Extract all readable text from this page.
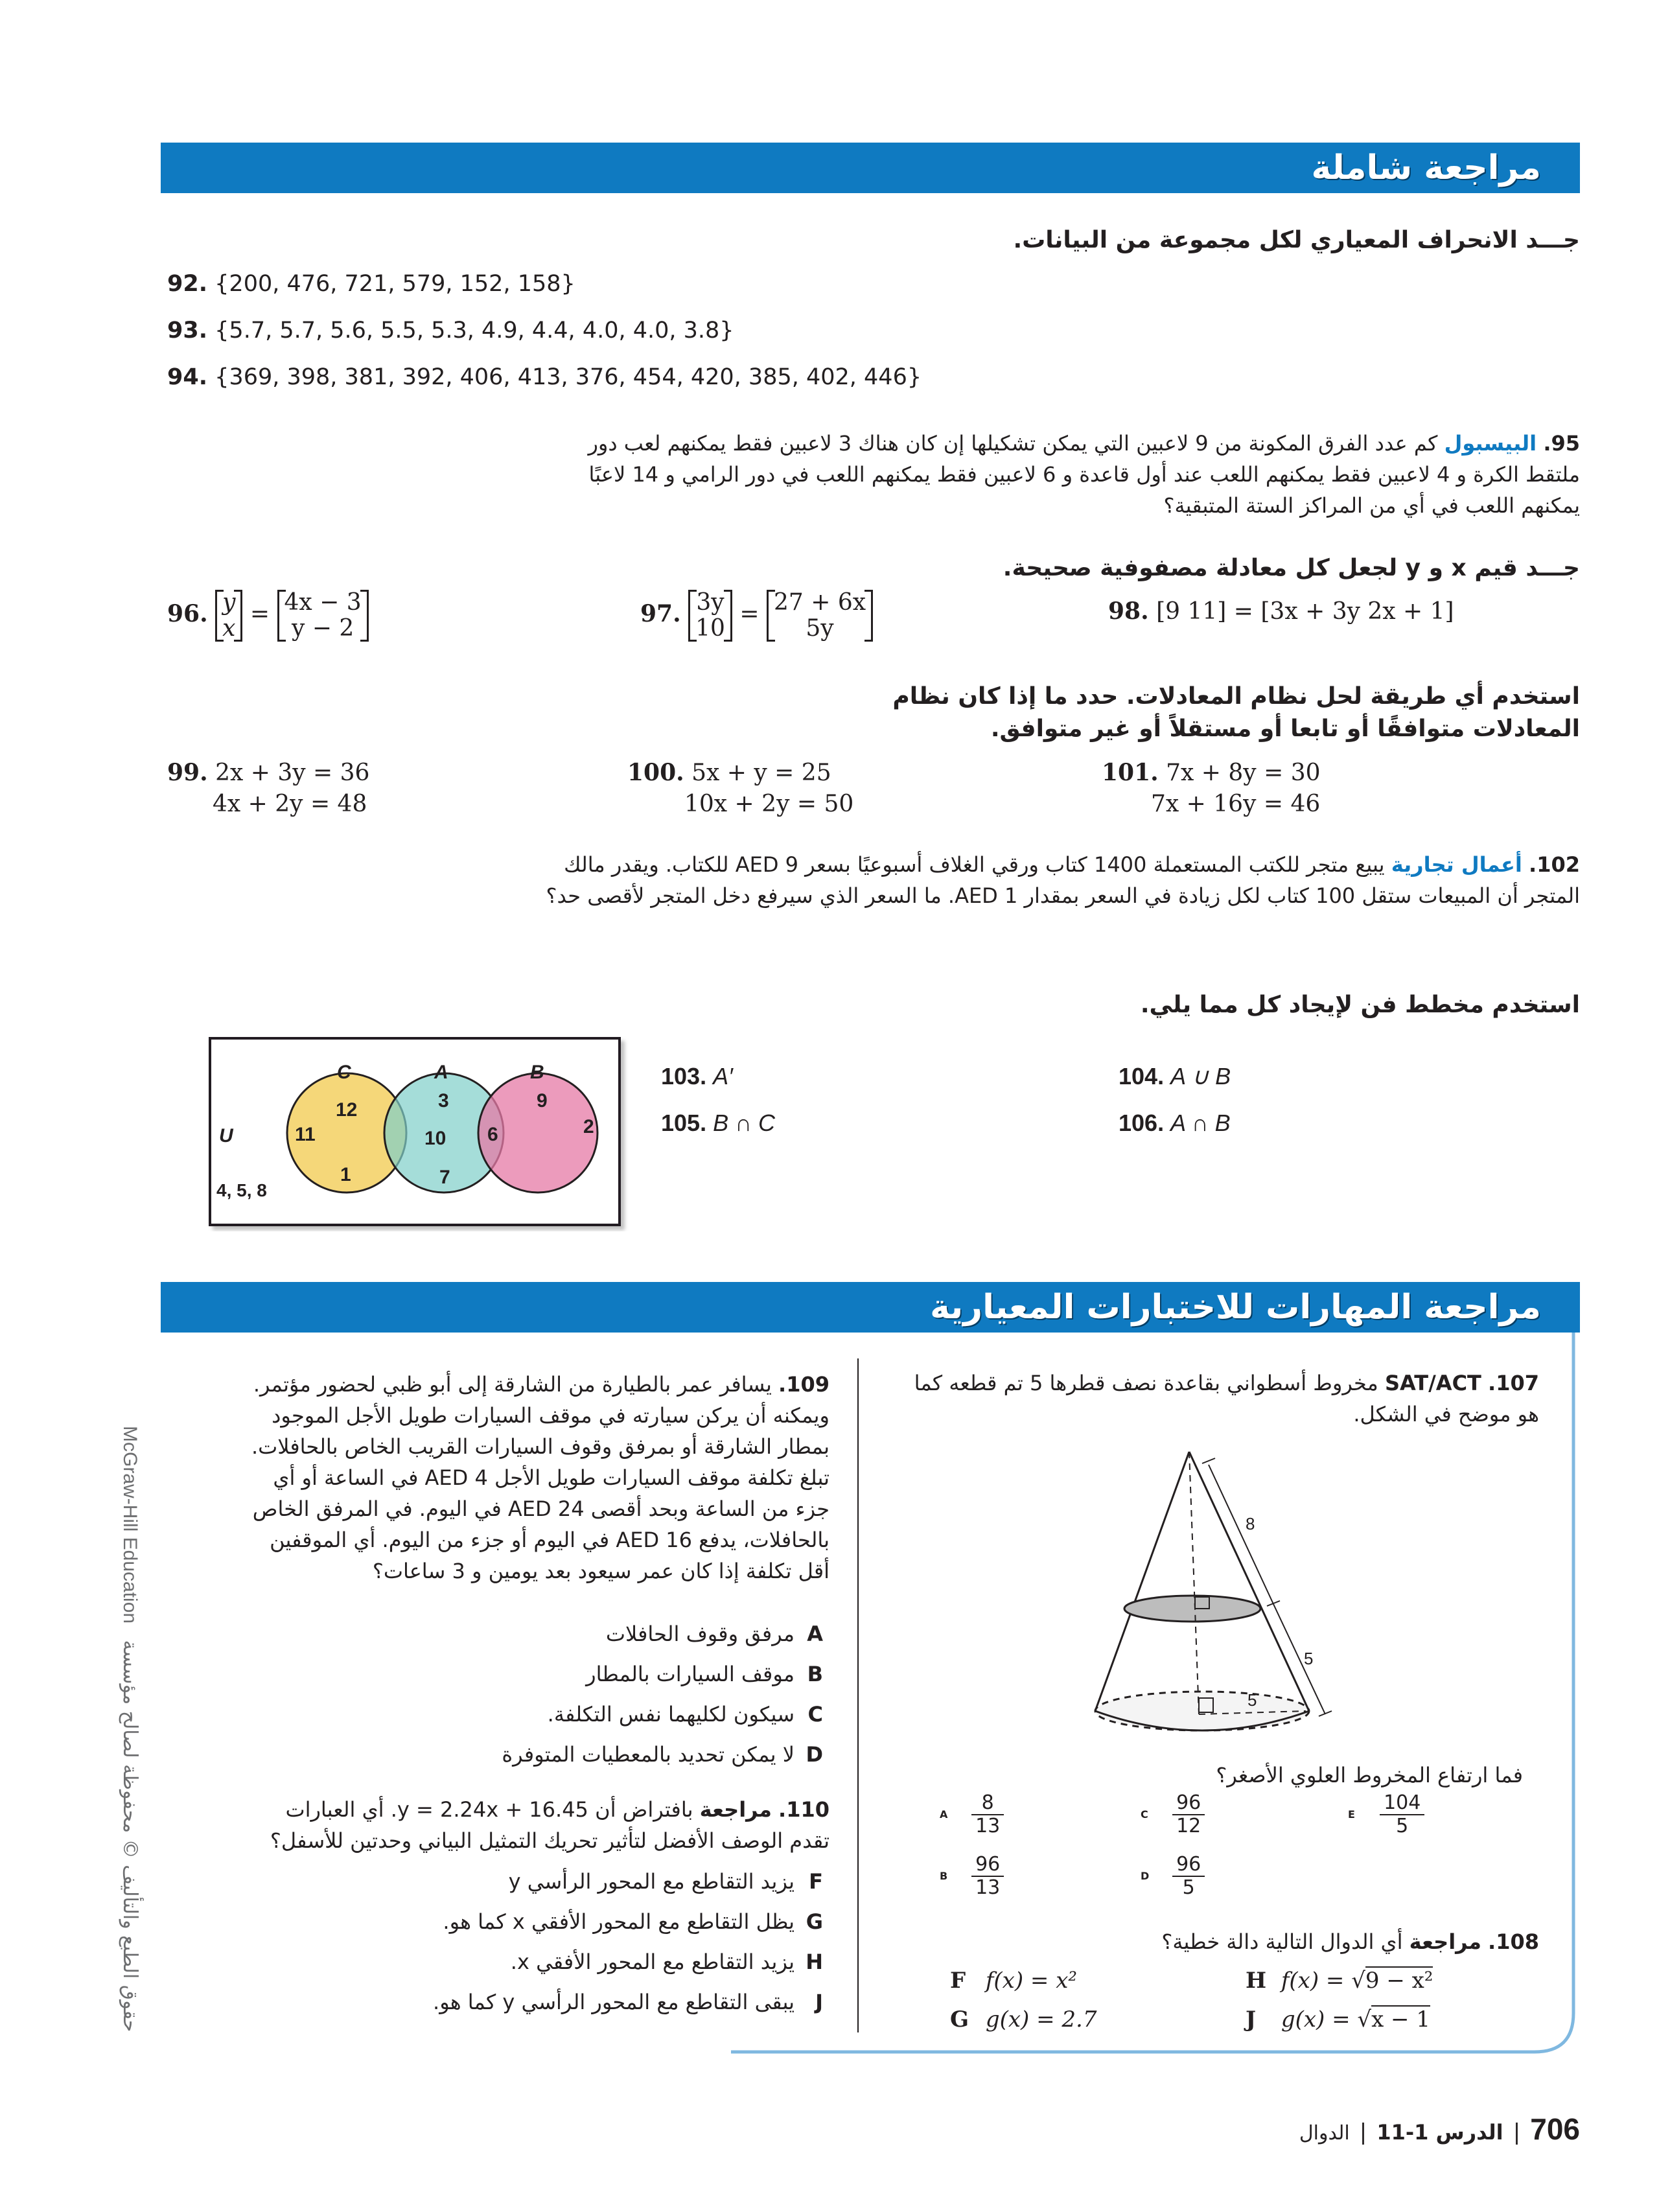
مراجعة شاملة
جـــد الانحراف المعياري لكل مجموعة من البيانات.
92. {200, 476, 721, 579, 152, 158}
93. {5.7, 5.7, 5.6, 5.5, 5.3, 4.9, 4.4, 4.0, 4.0, 3.8}
94. {369, 398, 381, 392, 406, 413, 376, 454, 420, 385, 402, 446}
95. البيسبول كم عدد الفرق المكونة من 9 لاعبين التي يمكن تشكيلها إن كان هناك 3 لاعبين فقط يمكنهم لعب دور ملتقط الكرة و 4 لاعبين فقط يمكنهم اللعب عند أول قاعدة و 6 لاعبين فقط يمكنهم اللعب في دور الرامي و 14 لاعبًا يمكنهم اللعب في أي من المراكز الستة المتبقية؟
جـــد قيم x و y لجعل كل معادلة مصفوفية صحيحة.
96. y
x = 4x − 3
y − 2
97. 3y
10 = 27 + 6x
5y
98. [9 11] = [3x + 3y 2x + 1]
استخدم أي طريقة لحل نظام المعادلات. حدد ما إذا كان نظام المعادلات متوافقًا أو تابعا أو مستقلاً أو غير متوافق.
99. 2x + 3y = 36
4x + 2y = 48
100. 5x + y = 25
10x + 2y = 50
101. 7x + 8y = 30
7x + 16y = 46
102. أعمال تجارية يبيع متجر للكتب المستعملة 1400 كتاب ورقي الغلاف أسبوعيًا بسعر AED 9 للكتاب. ويقدر مالك المتجر أن المبيعات ستقل 100 كتاب لكل زيادة في السعر بمقدار AED 1. ما السعر الذي سيرفع دخل المتجر لأقصى حد؟
استخدم مخطط فن لإيجاد كل مما يلي.
C	A	B
U
12
11
1
3
10
7
6
9
2
4, 5, 8
103. A′
105. B ∩ C
104. A ∪ B
106. A ∩ B
مراجعة المهارات للاختبارات المعيارية
107. SAT/ACT مخروط أسطواني بقاعدة نصف قطرها 5 تم قطعه كما هو موضح في الشكل.
8
5
5
فما ارتفاع المخروط العلوي الأصغر؟
A $\frac{8}{13}$
B $\frac{96}{13}$
C $\frac{96}{12}$
D $\frac{96}{5}$
E $\frac{104}{5}$
108. مراجعة أي الدوال التالية دالة خطية؟
F f(x) = x²
G g(x) = 2.7
H f(x) = √9 − x²
J g(x) = √x − 1
109. يسافر عمر بالطيارة من الشارقة إلى أبو ظبي لحضور مؤتمر. ويمكنه أن يركن سيارته في موقف السيارات طويل الأجل الموجود بمطار الشارقة أو بمرفق وقوف السيارات القريب الخاص بالحافلات. تبلغ تكلفة موقف السيارات طويل الأجل AED 4 في الساعة أو أي جزء من الساعة وبحد أقصى AED 24 في اليوم. في المرفق الخاص بالحافلات، يدفع AED 16 في اليوم أو جزء من اليوم. أي الموقفين أقل تكلفة إذا كان عمر سيعود بعد يومين و 3 ساعات؟
Aمرفق وقوف الحافلات
Bموقف السيارات بالمطار
Cسيكون لكليهما نفس التكلفة.
Dلا يمكن تحديد بالمعطيات المتوفرة
110. مراجعة بافتراض أن y = 2.24x + 16.45. أي العبارات تقدم الوصف الأفضل لتأثير تحريك التمثيل البياني وحدتين للأسفل؟
Fيزيد التقاطع مع المحور الرأسي y
Gيظل التقاطع مع المحور الأفقي x كما هو.
Hيزيد التقاطع مع المحور الأفقي x.
Jيبقى التقاطع مع المحور الرأسي y كما هو.
McGraw-Hill Education حقوق الطبع والتأليف © محفوظة لصالح مؤسسة
706 | الدرس 1-11 | الدوال
